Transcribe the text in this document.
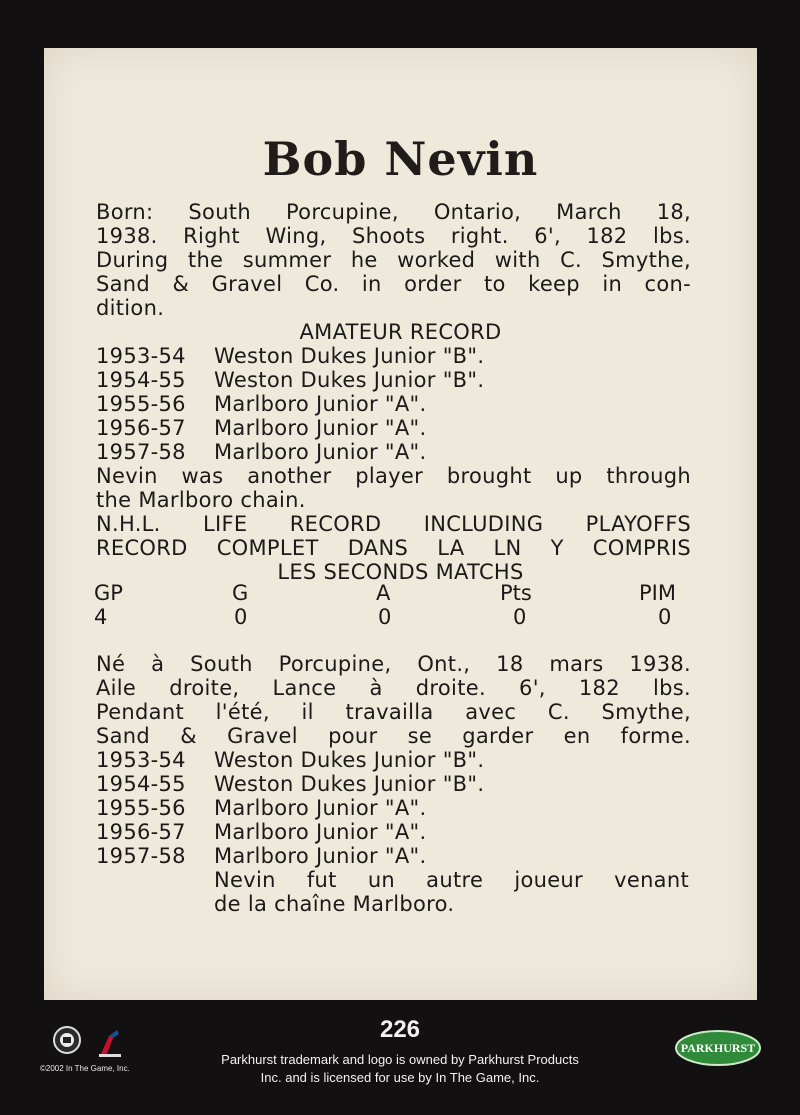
Bob Nevin
Born: South Porcupine, Ontario, March 18,
1938. Right Wing, Shoots right. 6', 182 lbs.
During the summer he worked with C. Smythe,
Sand & Gravel Co. in order to keep in con-
dition.
AMATEUR RECORD
1953-54 Weston Dukes Junior "B".
1954-55 Weston Dukes Junior "B".
1955-56 Marlboro Junior "A".
1956-57 Marlboro Junior "A".
1957-58 Marlboro Junior "A".
Nevin was another player brought up through
the Marlboro chain.
N.H.L. LIFE RECORD INCLUDING PLAYOFFS
RECORD COMPLET DANS LA LN Y COMPRIS
LES SECONDS MATCHS
GP	G	A	Pts	PIM
4	0	0	0	0
Né à South Porcupine, Ont., 18 mars 1938.
Aile droite, Lance à droite. 6', 182 lbs.
Pendant l'été, il travailla avec C. Smythe,
Sand & Gravel pour se garder en forme.
1953-54 Weston Dukes Junior "B".
1954-55 Weston Dukes Junior "B".
1955-56 Marlboro Junior "A".
1956-57 Marlboro Junior "A".
1957-58 Marlboro Junior "A".
Nevin fut un autre joueur venant
de la chaîne Marlboro.
226
Parkhurst trademark and logo is owned by Parkhurst Products
Inc. and is licensed for use by In The Game, Inc.
©2002 In The Game, Inc.
PARKHURST
